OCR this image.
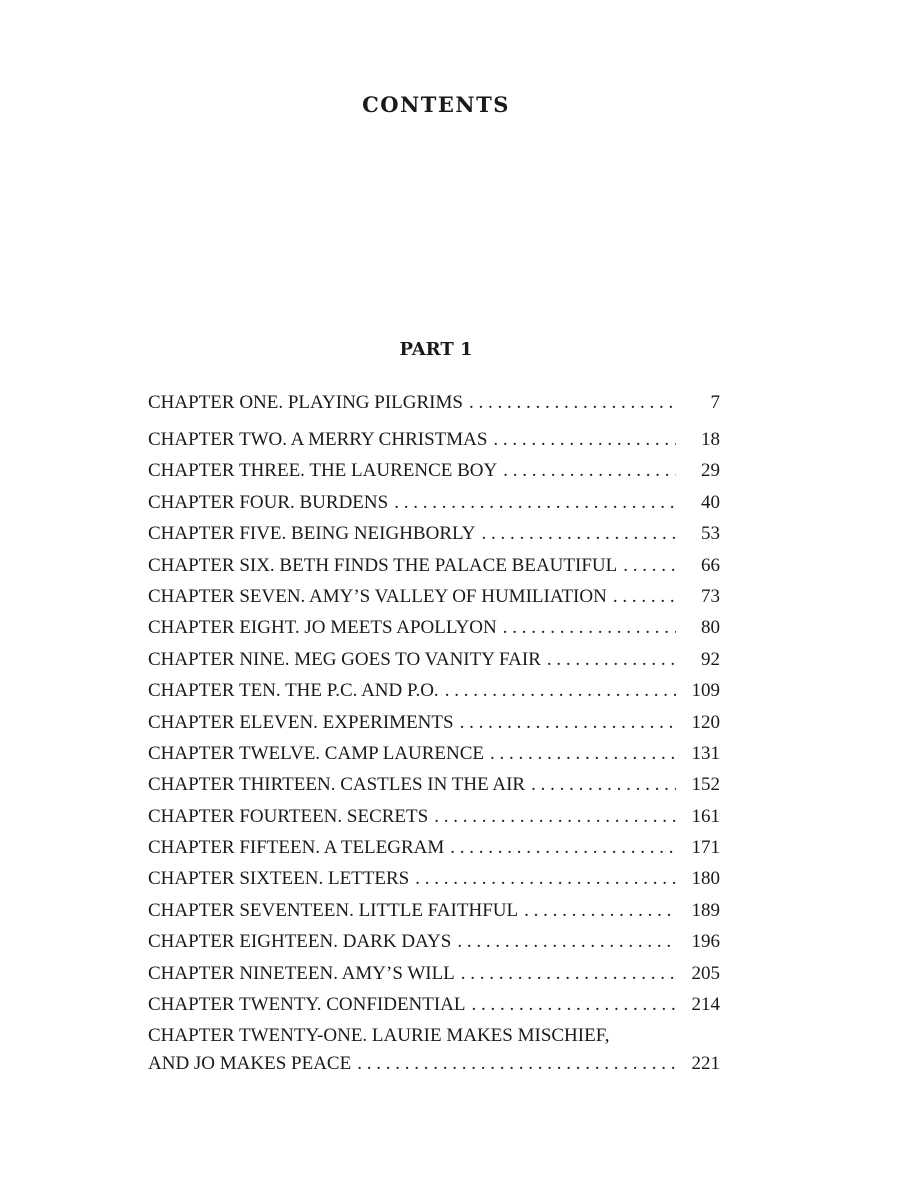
CONTENTS
PART 1
CHAPTER ONE. PLAYING PILGRIMS . . .	7
CHAPTER TWO. A MERRY CHRISTMAS . . .	18
CHAPTER THREE. THE LAURENCE BOY . . .	29
CHAPTER FOUR. BURDENS . . .	40
CHAPTER FIVE. BEING NEIGHBORLY . . .	53
CHAPTER SIX. BETH FINDS THE PALACE BEAUTIFUL . . .	66
CHAPTER SEVEN. AMY’S VALLEY OF HUMILIATION . . .	73
CHAPTER EIGHT. JO MEETS APOLLYON . . .	80
CHAPTER NINE. MEG GOES TO VANITY FAIR . . .	92
CHAPTER TEN. THE P.C. AND P.O. . . .	109
CHAPTER ELEVEN. EXPERIMENTS . . .	120
CHAPTER TWELVE. CAMP LAURENCE . . .	131
CHAPTER THIRTEEN. CASTLES IN THE AIR . . .	152
CHAPTER FOURTEEN. SECRETS . . .	161
CHAPTER FIFTEEN. A TELEGRAM . . .	171
CHAPTER SIXTEEN. LETTERS . . .	180
CHAPTER SEVENTEEN. LITTLE FAITHFUL . . .	189
CHAPTER EIGHTEEN. DARK DAYS . . .	196
CHAPTER NINETEEN. AMY’S WILL . . .	205
CHAPTER TWENTY. CONFIDENTIAL . . .	214
CHAPTER TWENTY-ONE. LAURIE MAKES MISCHIEF,
AND JO MAKES PEACE . . .	221
